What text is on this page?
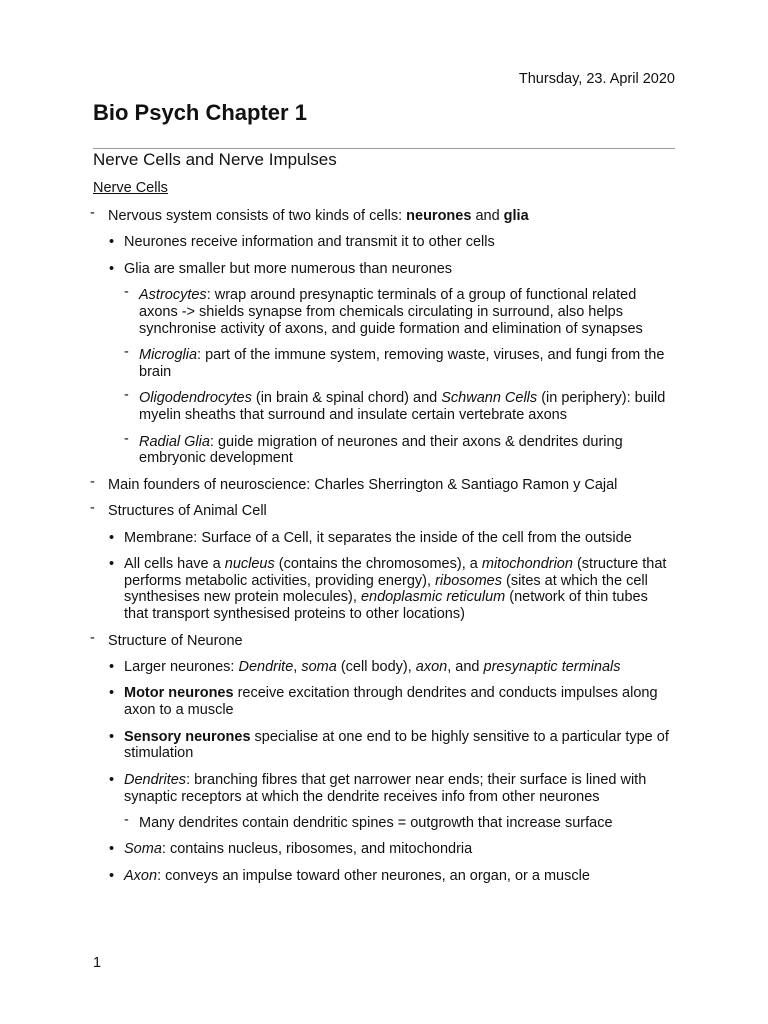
Thursday, 23. April 2020
Bio Psych Chapter 1
Nerve Cells and Nerve Impulses
Nerve Cells
- Nervous system consists of two kinds of cells: neurones and glia
• Neurones receive information and transmit it to other cells
• Glia are smaller but more numerous than neurones
- Astrocytes: wrap around presynaptic terminals of a group of functional related axons -> shields synapse from chemicals circulating in surround, also helps synchronise activity of axons, and guide formation and elimination of synapses
- Microglia: part of the immune system, removing waste, viruses, and fungi from the brain
- Oligodendrocytes (in brain & spinal chord) and Schwann Cells (in periphery): build myelin sheaths that surround and insulate certain vertebrate axons
- Radial Glia: guide migration of neurones and their axons & dendrites during embryonic development
- Main founders of neuroscience: Charles Sherrington & Santiago Ramon y Cajal
- Structures of Animal Cell
• Membrane: Surface of a Cell, it separates the inside of the cell from the outside
• All cells have a nucleus (contains the chromosomes), a mitochondrion (structure that performs metabolic activities, providing energy), ribosomes (sites at which the cell synthesises new protein molecules), endoplasmic reticulum (network of thin tubes that transport synthesised proteins to other locations)
- Structure of Neurone
• Larger neurones: Dendrite, soma (cell body), axon, and presynaptic terminals
• Motor neurones receive excitation through dendrites and conducts impulses along axon to a muscle
• Sensory neurones specialise at one end to be highly sensitive to a particular type of stimulation
• Dendrites: branching fibres that get narrower near ends; their surface is lined with synaptic receptors at which the dendrite receives info from other neurones
- Many dendrites contain dendritic spines = outgrowth that increase surface
• Soma: contains nucleus, ribosomes, and mitochondria
• Axon: conveys an impulse toward other neurones, an organ, or a muscle
1
